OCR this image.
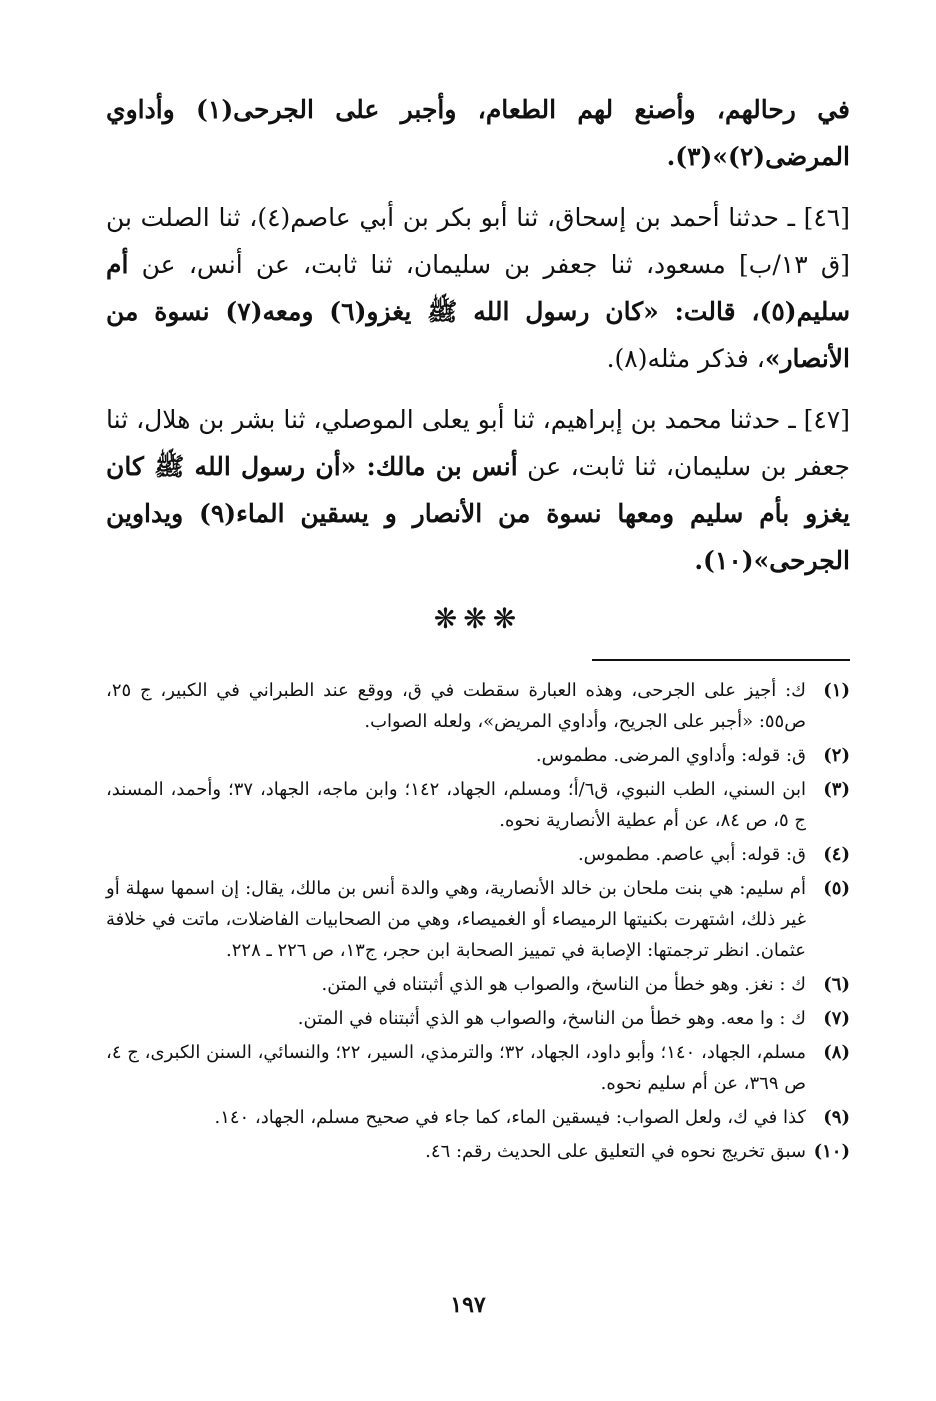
في رحالهم، وأصنع لهم الطعام، وأجبر على الجرحى(١) وأداوي المرضى(٢)»(٣).

[٤٦] ـ حدثنا أحمد بن إسحاق، ثنا أبو بكر بن أبي عاصم(٤)، ثنا الصلت بن [ق ١٣/ب] مسعود، ثنا جعفر بن سليمان، ثنا ثابت، عن أنس، عن أم سليم(٥)، قالت: «كان رسول الله ﷺ يغزو(٦) ومعه(٧) نسوة من الأنصار»، فذكر مثله(٨).

[٤٧] ـ حدثنا محمد بن إبراهيم، ثنا أبو يعلى الموصلي، ثنا بشر بن هلال، ثنا جعفر بن سليمان، ثنا ثابت، عن أنس بن مالك: «أن رسول الله ﷺ كان يغزو بأم سليم ومعها نسوة من الأنصار و يسقين الماء(٩) ويداوين الجرحى»(١٠).

❋❋❋
(١)
ك: أجيز على الجرحى، وهذه العبارة سقطت في ق، ووقع عند الطبراني في الكبير، ج ٢٥، ص٥٥: «أجبر على الجريح، وأداوي المريض»، ولعله الصواب.
(٢)
ق: قوله: وأداوي المرضى. مطموس.
(٣)
ابن السني، الطب النبوي، ق٦/أ؛ ومسلم، الجهاد، ١٤٢؛ وابن ماجه، الجهاد، ٣٧؛ وأحمد، المسند، ج ٥، ص ٨٤، عن أم عطية الأنصارية نحوه.
(٤)
ق: قوله: أبي عاصم. مطموس.
(٥)
أم سليم: هي بنت ملحان بن خالد الأنصارية، وهي والدة أنس بن مالك، يقال: إن اسمها سهلة أو غير ذلك، اشتهرت بكنيتها الرميصاء أو الغميصاء، وهي من الصحابيات الفاضلات، ماتت في خلافة عثمان. انظر ترجمتها: الإصابة في تمييز الصحابة ابن حجر، ج١٣، ص ٢٢٦ ـ ٢٢٨.
(٦)
ك : نغز. وهو خطأ من الناسخ، والصواب هو الذي أثبتناه في المتن.
(٧)
ك : وا معه. وهو خطأ من الناسخ، والصواب هو الذي أثبتناه في المتن.
(٨)
مسلم، الجهاد، ١٤٠؛ وأبو داود، الجهاد، ٣٢؛ والترمذي، السير، ٢٢؛ والنسائي، السنن الكبرى، ج ٤، ص ٣٦٩، عن أم سليم نحوه.
(٩)
كذا في ك، ولعل الصواب: فيسقين الماء، كما جاء في صحيح مسلم، الجهاد، ١٤٠.
(١٠)
سبق تخريج نحوه في التعليق على الحديث رقم: ٤٦.
١٩٧
